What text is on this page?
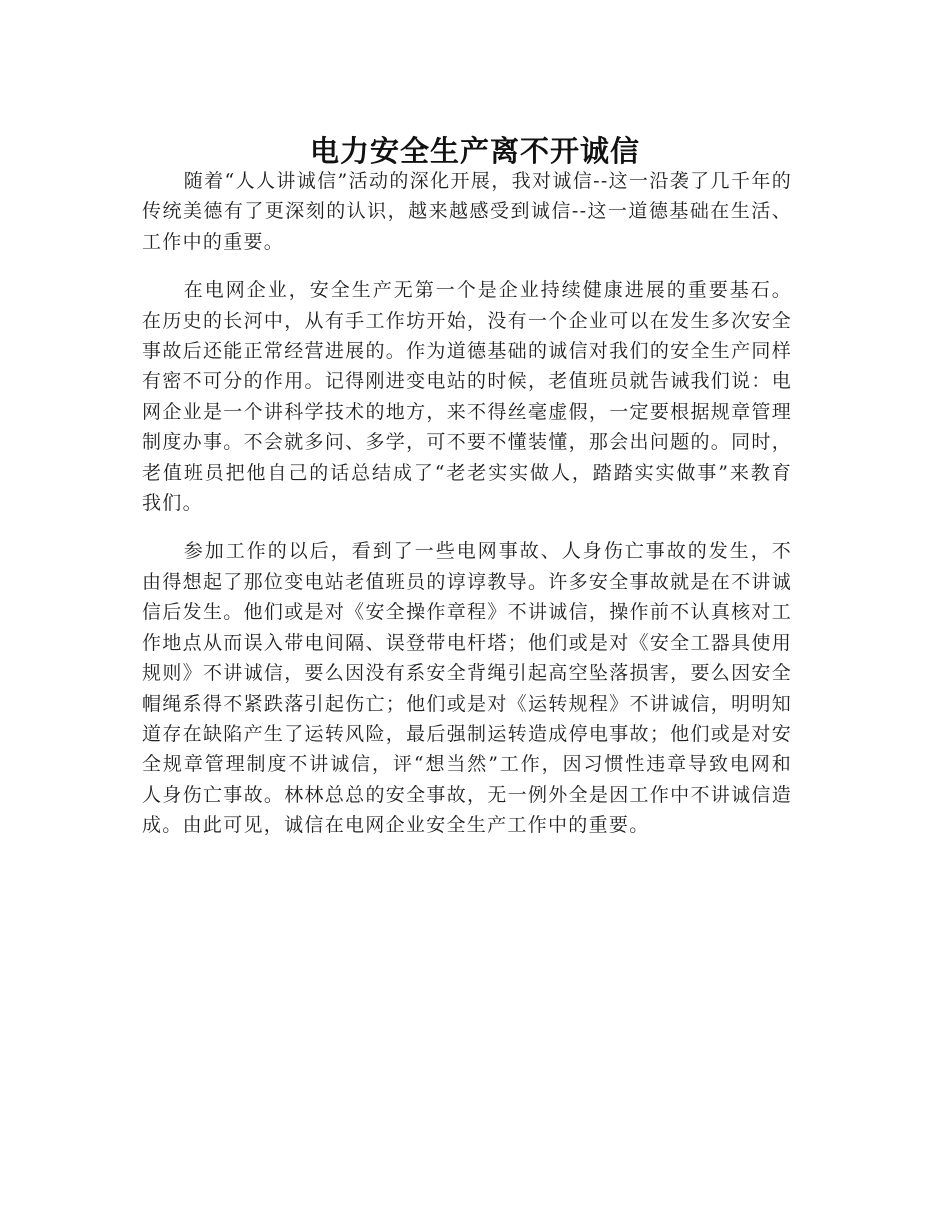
电力安全生产离不开诚信

随着“人人讲诚信”活动的深化开展，我对诚信--这一沿袭了几千年的传统美德有了更深刻的认识，越来越感受到诚信--这一道德基础在生活、工作中的重要。

在电网企业，安全生产无第一个是企业持续健康进展的重要基石。在历史的长河中，从有手工作坊开始，没有一个企业可以在发生多次安全事故后还能正常经营进展的。作为道德基础的诚信对我们的安全生产同样有密不可分的作用。记得刚进变电站的时候，老值班员就告诫我们说：电网企业是一个讲科学技术的地方，来不得丝毫虚假，一定要根据规章管理制度办事。不会就多问、多学，可不要不懂装懂，那会出问题的。同时，老值班员把他自己的话总结成了“老老实实做人，踏踏实实做事”来教育我们。

参加工作的以后，看到了一些电网事故、人身伤亡事故的发生，不由得想起了那位变电站老值班员的谆谆教导。许多安全事故就是在不讲诚信后发生。他们或是对《安全操作章程》不讲诚信，操作前不认真核对工作地点从而误入带电间隔、误登带电杆塔；他们或是对《安全工器具使用规则》不讲诚信，要么因没有系安全背绳引起高空坠落损害，要么因安全帽绳系得不紧跌落引起伤亡；他们或是对《运转规程》不讲诚信，明明知道存在缺陷产生了运转风险，最后强制运转造成停电事故；他们或是对安全规章管理制度不讲诚信，评“想当然”工作，因习惯性违章导致电网和人身伤亡事故。林林总总的安全事故，无一例外全是因工作中不讲诚信造成。由此可见，诚信在电网企业安全生产工作中的重要。
